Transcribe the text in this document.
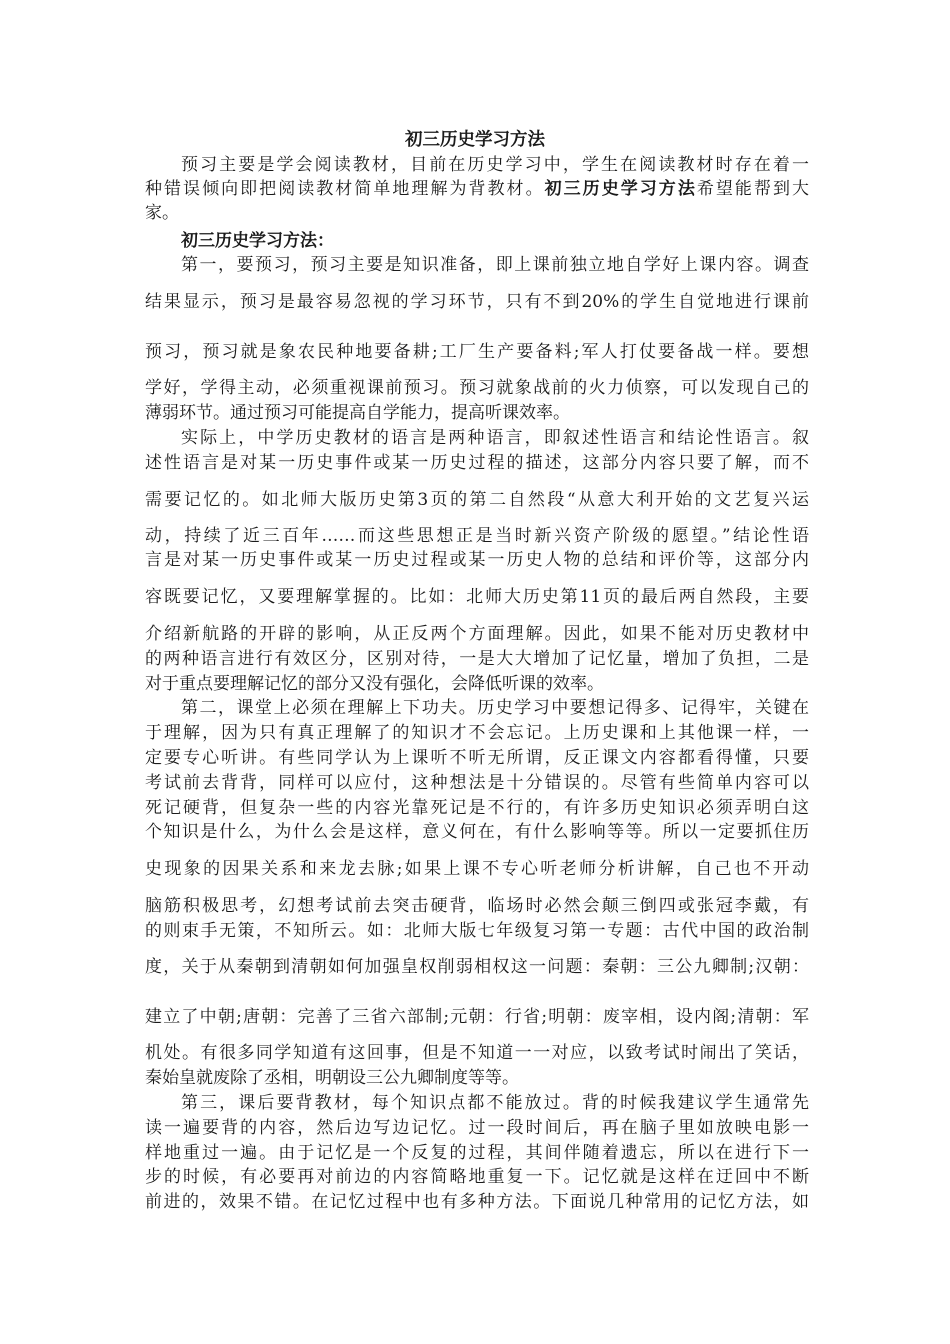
初三历史学习方法
预习主要是学会阅读教材，目前在历史学习中，学生在阅读教材时存在着一
种错误倾向即把阅读教材简单地理解为背教材。初三历史学习方法希望能帮到大
家。
初三历史学习方法：
第一，要预习，预习主要是知识准备，即上课前独立地自学好上课内容。调查
结果显示，预习是最容易忽视的学习环节，只有不到20%的学生自觉地进行课前
预习，预习就是象农民种地要备耕;工厂生产要备料;军人打仗要备战一样。要想
学好，学得主动，必须重视课前预习。预习就象战前的火力侦察，可以发现自己的
薄弱环节。通过预习可能提高自学能力，提高听课效率。
实际上，中学历史教材的语言是两种语言，即叙述性语言和结论性语言。叙
述性语言是对某一历史事件或某一历史过程的描述，这部分内容只要了解，而不
需要记忆的。如北师大版历史第3页的第二自然段“从意大利开始的文艺复兴运
动，持续了近三百年……而这些思想正是当时新兴资产阶级的愿望。”结论性语
言是对某一历史事件或某一历史过程或某一历史人物的总结和评价等，这部分内
容既要记忆，又要理解掌握的。比如：北师大历史第11页的最后两自然段，主要
介绍新航路的开辟的影响，从正反两个方面理解。因此，如果不能对历史教材中
的两种语言进行有效区分，区别对待，一是大大增加了记忆量，增加了负担，二是
对于重点要理解记忆的部分又没有强化，会降低听课的效率。
第二，课堂上必须在理解上下功夫。历史学习中要想记得多、记得牢，关键在
于理解，因为只有真正理解了的知识才不会忘记。上历史课和上其他课一样，一
定要专心听讲。有些同学认为上课听不听无所谓，反正课文内容都看得懂，只要
考试前去背背，同样可以应付，这种想法是十分错误的。尽管有些简单内容可以
死记硬背，但复杂一些的内容光靠死记是不行的，有许多历史知识必须弄明白这
个知识是什么，为什么会是这样，意义何在，有什么影响等等。所以一定要抓住历
史现象的因果关系和来龙去脉;如果上课不专心听老师分析讲解，自己也不开动
脑筋积极思考，幻想考试前去突击硬背，临场时必然会颠三倒四或张冠李戴，有
的则束手无策，不知所云。如：北师大版七年级复习第一专题：古代中国的政治制
度，关于从秦朝到清朝如何加强皇权削弱相权这一问题：秦朝：三公九卿制;汉朝：
建立了中朝;唐朝：完善了三省六部制;元朝：行省;明朝：废宰相，设内阁;清朝：军
机处。有很多同学知道有这回事，但是不知道一一对应，以致考试时闹出了笑话，
秦始皇就废除了丞相，明朝设三公九卿制度等等。
第三，课后要背教材，每个知识点都不能放过。背的时候我建议学生通常先
读一遍要背的内容，然后边写边记忆。过一段时间后，再在脑子里如放映电影一
样地重过一遍。由于记忆是一个反复的过程，其间伴随着遗忘，所以在进行下一
步的时候，有必要再对前边的内容简略地重复一下。记忆就是这样在迂回中不断
前进的，效果不错。在记忆过程中也有多种方法。下面说几种常用的记忆方法，如
